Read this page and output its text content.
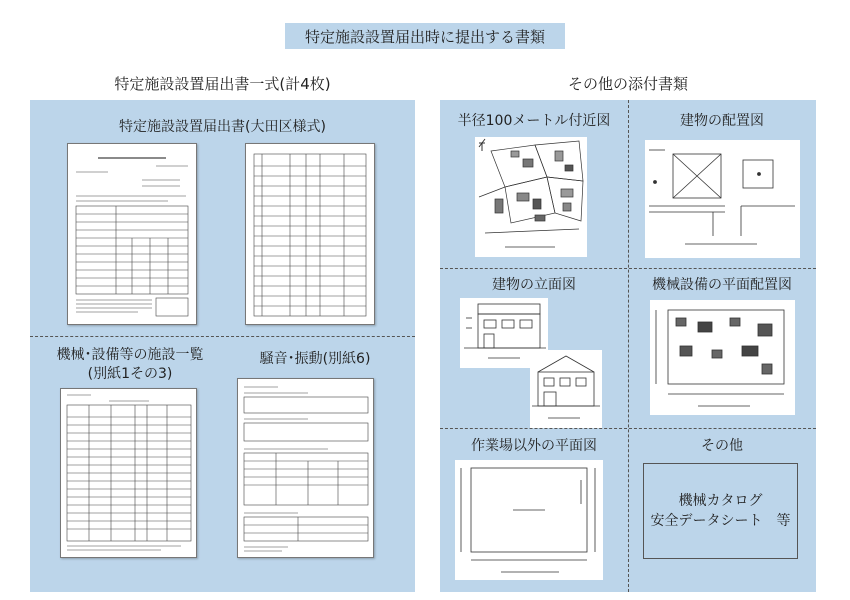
特定施設設置届出時に提出する書類
特定施設設置届出書一式(計4枚)
特定施設設置届出書(大田区様式)
機械･設備等の施設一覧
(別紙1その3)
騒音･振動(別紙6)
その他の添付書類
半径100メートル付近図	建物の配置図
建物の立面図	機械設備の平面配置図
作業場以外の平面図	その他
機械カタログ
安全データシート　等
